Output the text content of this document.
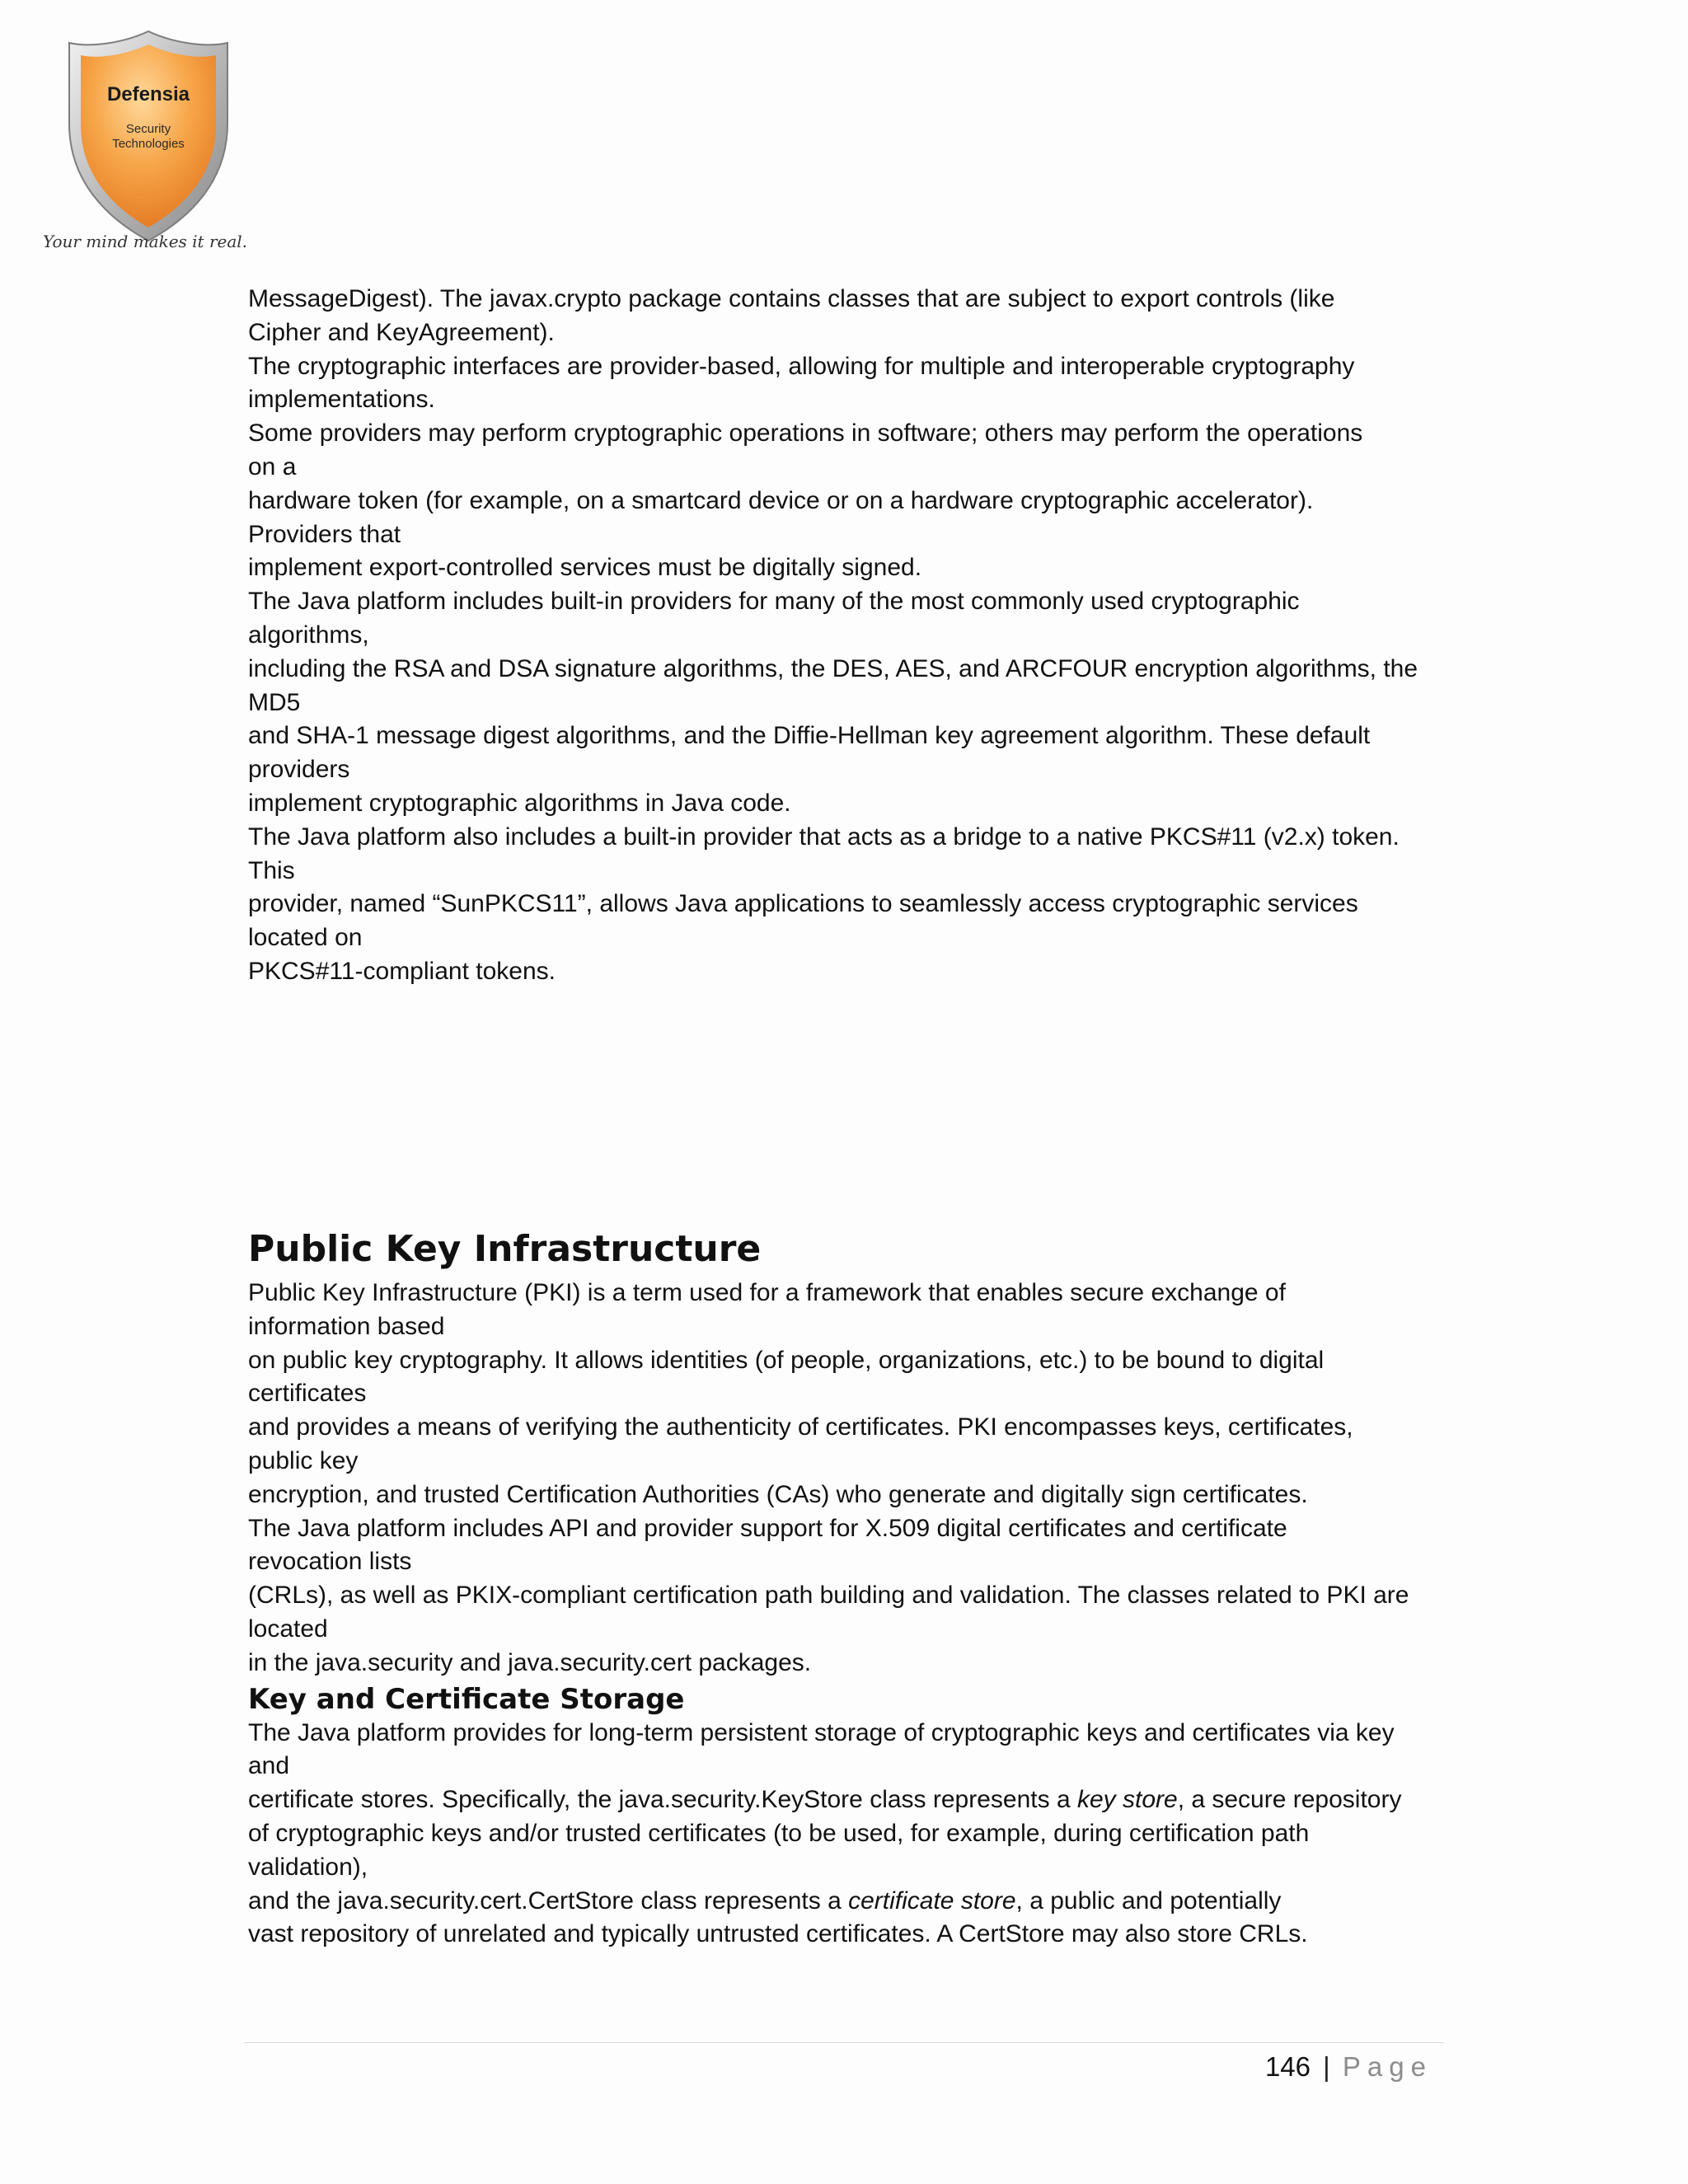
Defensia
Security
Technologies
Your mind makes it real.
MessageDigest). The javax.crypto package contains classes that are subject to export controls (like
Cipher and KeyAgreement).
The cryptographic interfaces are provider-based, allowing for multiple and interoperable cryptography
implementations.
Some providers may perform cryptographic operations in software; others may perform the operations
on a
hardware token (for example, on a smartcard device or on a hardware cryptographic accelerator).
Providers that
implement export-controlled services must be digitally signed.
The Java platform includes built-in providers for many of the most commonly used cryptographic
algorithms,
including the RSA and DSA signature algorithms, the DES, AES, and ARCFOUR encryption algorithms, the
MD5
and SHA-1 message digest algorithms, and the Diffie-Hellman key agreement algorithm. These default
providers
implement cryptographic algorithms in Java code.
The Java platform also includes a built-in provider that acts as a bridge to a native PKCS#11 (v2.x) token.
This
provider, named “SunPKCS11”, allows Java applications to seamlessly access cryptographic services
located on
PKCS#11-compliant tokens.
Public Key Infrastructure
Public Key Infrastructure (PKI) is a term used for a framework that enables secure exchange of
information based
on public key cryptography. It allows identities (of people, organizations, etc.) to be bound to digital
certificates
and provides a means of verifying the authenticity of certificates. PKI encompasses keys, certificates,
public key
encryption, and trusted Certification Authorities (CAs) who generate and digitally sign certificates.
The Java platform includes API and provider support for X.509 digital certificates and certificate
revocation lists
(CRLs), as well as PKIX-compliant certification path building and validation. The classes related to PKI are
located
in the java.security and java.security.cert packages.
Key and Certificate Storage
The Java platform provides for long-term persistent storage of cryptographic keys and certificates via key
and
certificate stores. Specifically, the java.security.KeyStore class represents a key store, a secure repository
of cryptographic keys and/or trusted certificates (to be used, for example, during certification path
validation),
and the java.security.cert.CertStore class represents a certificate store, a public and potentially
vast repository of unrelated and typically untrusted certificates. A CertStore may also store CRLs.
146 | Page
